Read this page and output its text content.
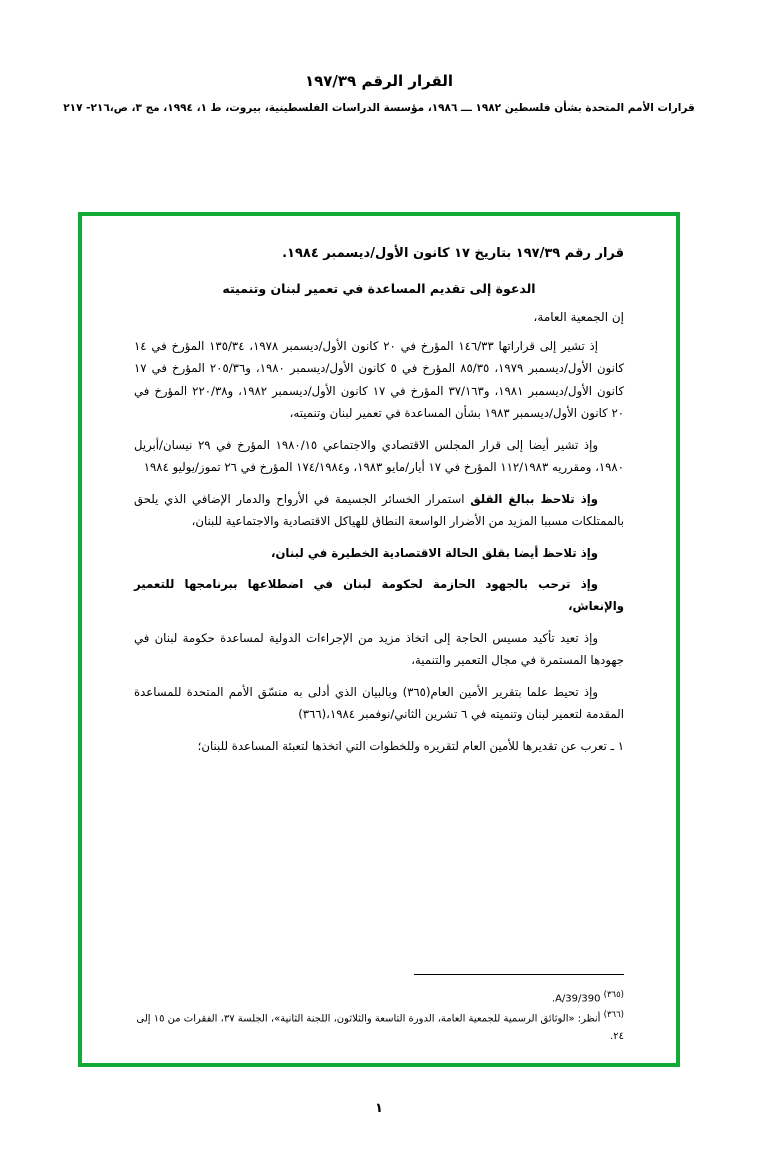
القرار الرقم ١٩٧/٣٩
قرارات الأمم المتحدة بشأن فلسطين ١٩٨٢ ـــ ١٩٨٦، مؤسسة الدراسات الفلسطينية، بيروت، ط ١، ١٩٩٤، مج ٣، ص،٢١٦- ٢١٧
قرار رقم ١٩٧/٣٩ بتاريخ ١٧ كانون الأول/ديسمبر ١٩٨٤.
الدعوة إلى تقديم المساعدة في تعمير لبنان وتنميته
إن الجمعية العامة،

إذ تشير إلى قراراتها ١٤٦/٣٣ المؤرخ في ٢٠ كانون الأول/ديسمبر ١٩٧٨، ١٣٥/٣٤ المؤرخ في ١٤ كانون الأول/ديسمبر ١٩٧٩، ٨٥/٣٥ المؤرخ في ٥ كانون الأول/ديسمبر ١٩٨٠، و٢٠٥/٣٦ المؤرخ في ١٧ كانون الأول/ديسمبر ١٩٨١، و٣٧/١٦٣ المؤرخ في ١٧ كانون الأول/ديسمبر ١٩٨٢، و٢٢٠/٣٨ المؤرخ في ٢٠ كانون الأول/ديسمبر ١٩٨٣ بشأن المساعدة في تعمير لبنان وتنميته،

وإذ تشير أيضا إلى قرار المجلس الاقتصادي والاجتماعي ١٩٨٠/١٥ المؤرخ في ٢٩ نيسان/أبريل ١٩٨٠، ومقرريه ١١٢/١٩٨٣ المؤرخ في ١٧ أيار/مايو ١٩٨٣، و١٧٤/١٩٨٤ المؤرخ في ٢٦ تموز/يوليو ١٩٨٤

وإذ تلاحظ ببالغ القلق استمرار الخسائر الجسيمة في الأرواح والدمار الإضافي الذي يلحق بالممتلكات مسببا المزيد من الأضرار الواسعة النطاق للهياكل الاقتصادية والاجتماعية للبنان،

وإذ تلاحظ أيضا بقلق الحالة الاقتصادية الخطيرة في لبنان،

وإذ ترحب بالجهود الحازمة لحكومة لبنان في اضطلاعها ببرنامجها للتعمير والإنعاش،

وإذ تعيد تأكيد مسيس الحاجة إلى اتخاذ مزيد من الإجراءات الدولية لمساعدة حكومة لبنان في جهودها المستمرة في مجال التعمير والتنمية،

وإذ تحيط علما بتقرير الأمين العام(٣٦٥) وبالبيان الذي أدلى به منسّق الأمم المتحدة للمساعدة المقدمة لتعمير لبنان وتنميته في ٦ تشرين الثاني/نوفمبر ١٩٨٤،(٣٦٦)

١ ـ تعرب عن تقديرها للأمين العام لتقريره وللخطوات التي اتخذها لتعبئة المساعدة للبنان؛

$^{(٣٦٥)}$ A/39/390.
$^{(٣٦٦)}$ أنظر: «الوثائق الرسمية للجمعية العامة، الدورة التاسعة والثلاثون، اللجنة الثانية»، الجلسة ٣٧، الفقرات من ١٥ إلى ٢٤.
١
